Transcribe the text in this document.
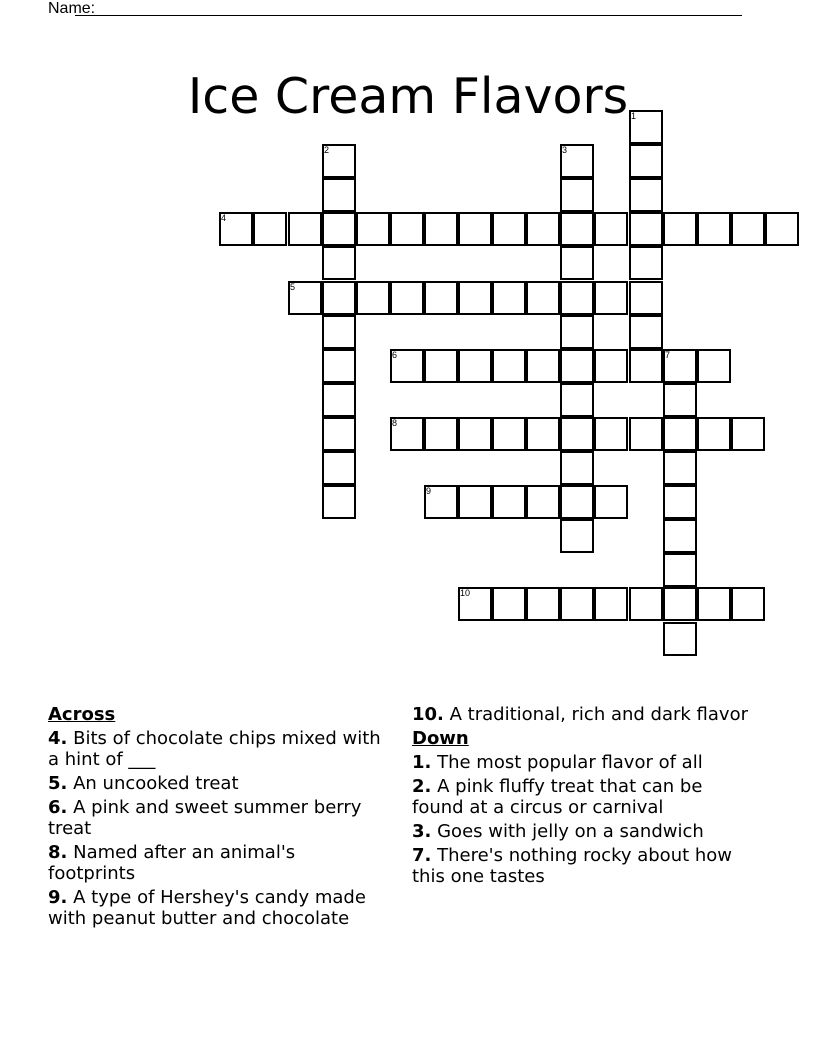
Name:
Ice Cream Flavors 1
2	3
4
5
6	7
8
9
10
Across
4. Bits of chocolate chips mixed with a hint of ___
5. An uncooked treat
6. A pink and sweet summer berry treat
8. Named after an animal's footprints
9. A type of Hershey's candy made with peanut butter and chocolate
10. A traditional, rich and dark flavor
Down
1. The most popular flavor of all
2. A pink fluffy treat that can be found at a circus or carnival
3. Goes with jelly on a sandwich
7. There's nothing rocky about how this one tastes
